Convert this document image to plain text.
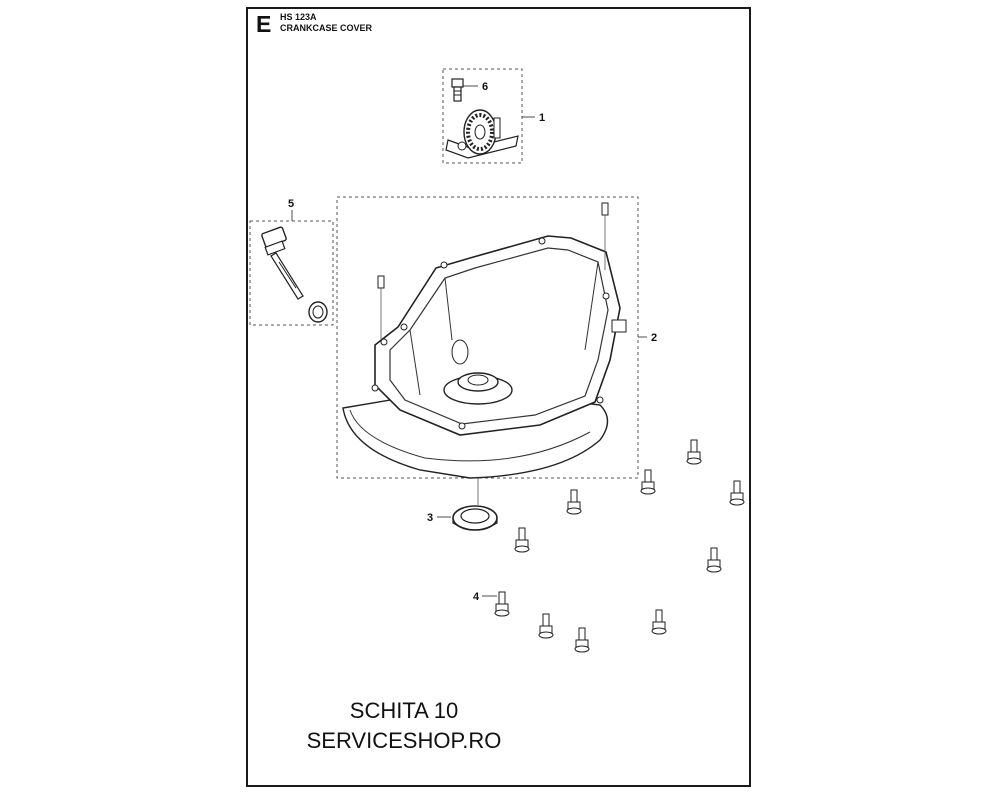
E HS 123A
CRANKCASE COVER
6
1
5
2
3
4
SCHITA 10
SERVICESHOP.RO
